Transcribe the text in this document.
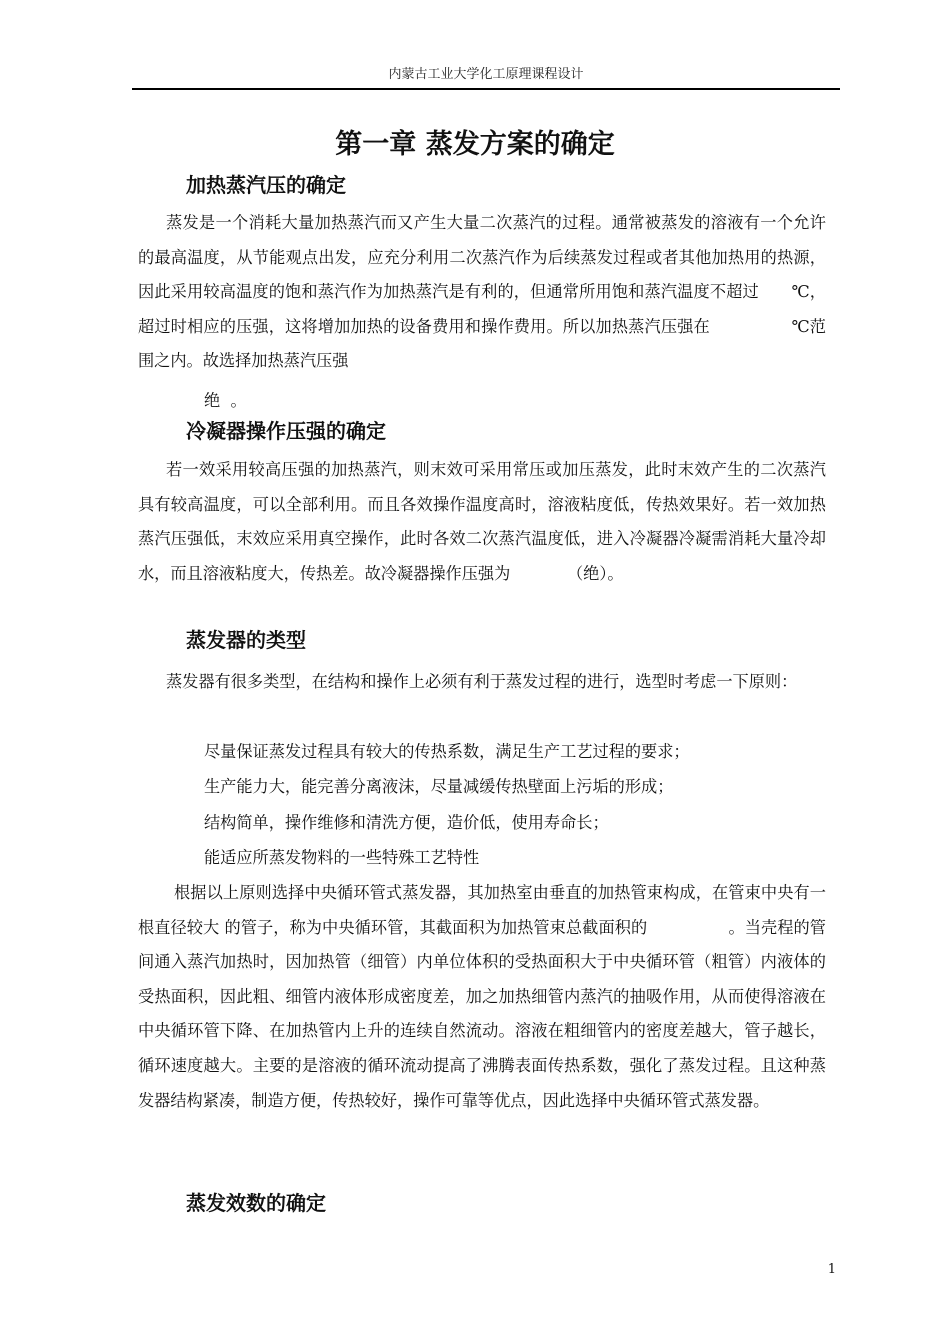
内蒙古工业大学化工原理课程设计
第一章 蒸发方案的确定
加热蒸汽压的确定

蒸发是一个消耗大量加热蒸汽而又产生大量二次蒸汽的过程。通常被蒸发的溶液有一个允许的最高温度，从节能观点出发，应充分利用二次蒸汽作为后续蒸发过程或者其他加热用的热源，因此采用较高温度的饱和蒸汽作为加热蒸汽是有利的，但通常所用饱和蒸汽温度不超过　　℃，超过时相应的压强，这将增加加热的设备费用和操作费用。所以加热蒸汽压强在　　　　　℃范围之内。故选择加热蒸汽压强

绝  。

冷凝器操作压强的确定

若一效采用较高压强的加热蒸汽，则末效可采用常压或加压蒸发，此时末效产生的二次蒸汽具有较高温度，可以全部利用。而且各效操作温度高时，溶液粘度低，传热效果好。若一效加热蒸汽压强低，末效应采用真空操作，此时各效二次蒸汽温度低，进入冷凝器冷凝需消耗大量冷却水，而且溶液粘度大，传热差。故冷凝器操作压强为　　　　（绝）。

蒸发器的类型

蒸发器有很多类型，在结构和操作上必须有利于蒸发过程的进行，选型时考虑一下原则：

尽量保证蒸发过程具有较大的传热系数，满足生产工艺过程的要求；

生产能力大，能完善分离液沫，尽量减缓传热壁面上污垢的形成；

结构简单，操作维修和清洗方便，造价低，使用寿命长；

能适应所蒸发物料的一些特殊工艺特性

根据以上原则选择中央循环管式蒸发器，其加热室由垂直的加热管束构成，在管束中央有一根直径较大 的管子，称为中央循环管，其截面积为加热管束总截面积的　　　　　。当壳程的管间通入蒸汽加热时，因加热管（细管）内单位体积的受热面积大于中央循环管（粗管）内液体的受热面积，因此粗、细管内液体形成密度差，加之加热细管内蒸汽的抽吸作用，从而使得溶液在中央循环管下降、在加热管内上升的连续自然流动。溶液在粗细管内的密度差越大，管子越长，循环速度越大。主要的是溶液的循环流动提高了沸腾表面传热系数，强化了蒸发过程。且这种蒸发器结构紧凑，制造方便，传热较好，操作可靠等优点，因此选择中央循环管式蒸发器。

蒸发效数的确定
1
